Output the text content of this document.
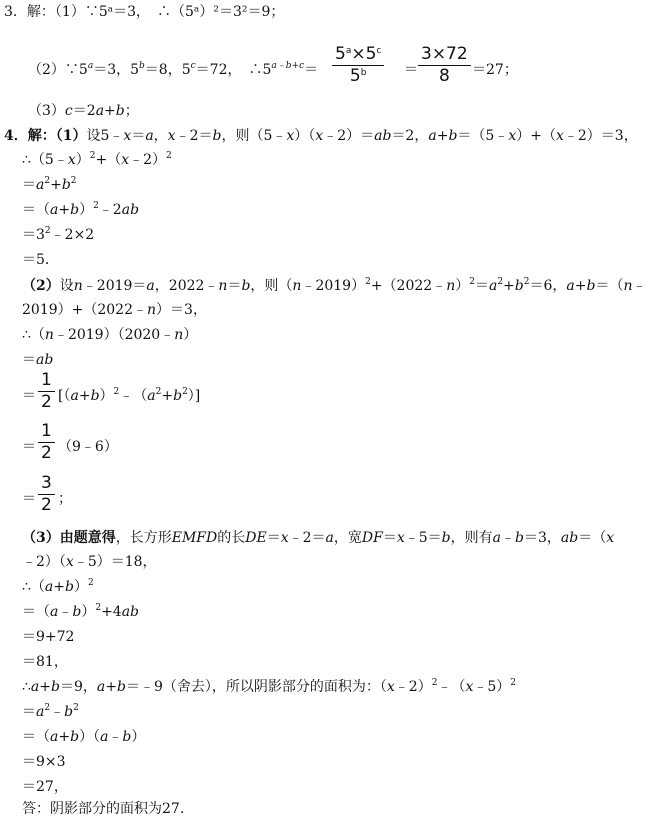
3．解：（1）∵5ᵃ＝3，　∴（5ᵃ）²＝3²＝9；
$(2)\because 5^a=3$，$5^b=8$，$5^c=72$，　$\therefore 5^{a﹣b+c}= \frac{5^a\times 5^c}{5^b} = \frac{3\times 72}{8} =27$；
（3）c＝2a+b；
4．解：（1）设5﹣x＝a，x﹣2＝b，则（5﹣x）（x﹣2）＝ab＝2，a+b＝（5﹣x）+（x﹣2）＝3，
∴（5﹣x）$^2$+（x﹣2）$^2$
$=a^2+b^2$
$=(a+b)^2﹣2ab$
$=3^2﹣2\times 2$
＝5．
（2）设n﹣2019＝a，2022﹣n＝b，则$(n﹣2019)^2+(2022﹣n)^2=a^2+b^2=6$，a+b＝（n﹣
2019）+（2022﹣n）＝3，
∴（n﹣2019）（2020﹣n）
＝ab
＝ $\frac{1}{2}$ $[(a+b)^2﹣(a^2+b^2)]$
＝ $\frac{1}{2}$ （9﹣6）
＝ $\frac{3}{2}$ ；
（3）由题意得，长方形EMFD的长DE＝x﹣2＝a，宽DF＝x﹣5＝b，则有a﹣b＝3，ab＝（x
﹣2）（x﹣5）＝18，
$\therefore(a+b)^2$
＝（a﹣b）$^2$+4ab
＝9+72
＝81，
∴a+b＝9，a+b＝﹣9（舍去），所以阴影部分的面积为：（x﹣2）$^2$﹣（x﹣5）$^2$
$=a^2﹣b^2$
＝（a+b）（a﹣b）
＝9×3
＝27，
答：阴影部分的面积为27.
